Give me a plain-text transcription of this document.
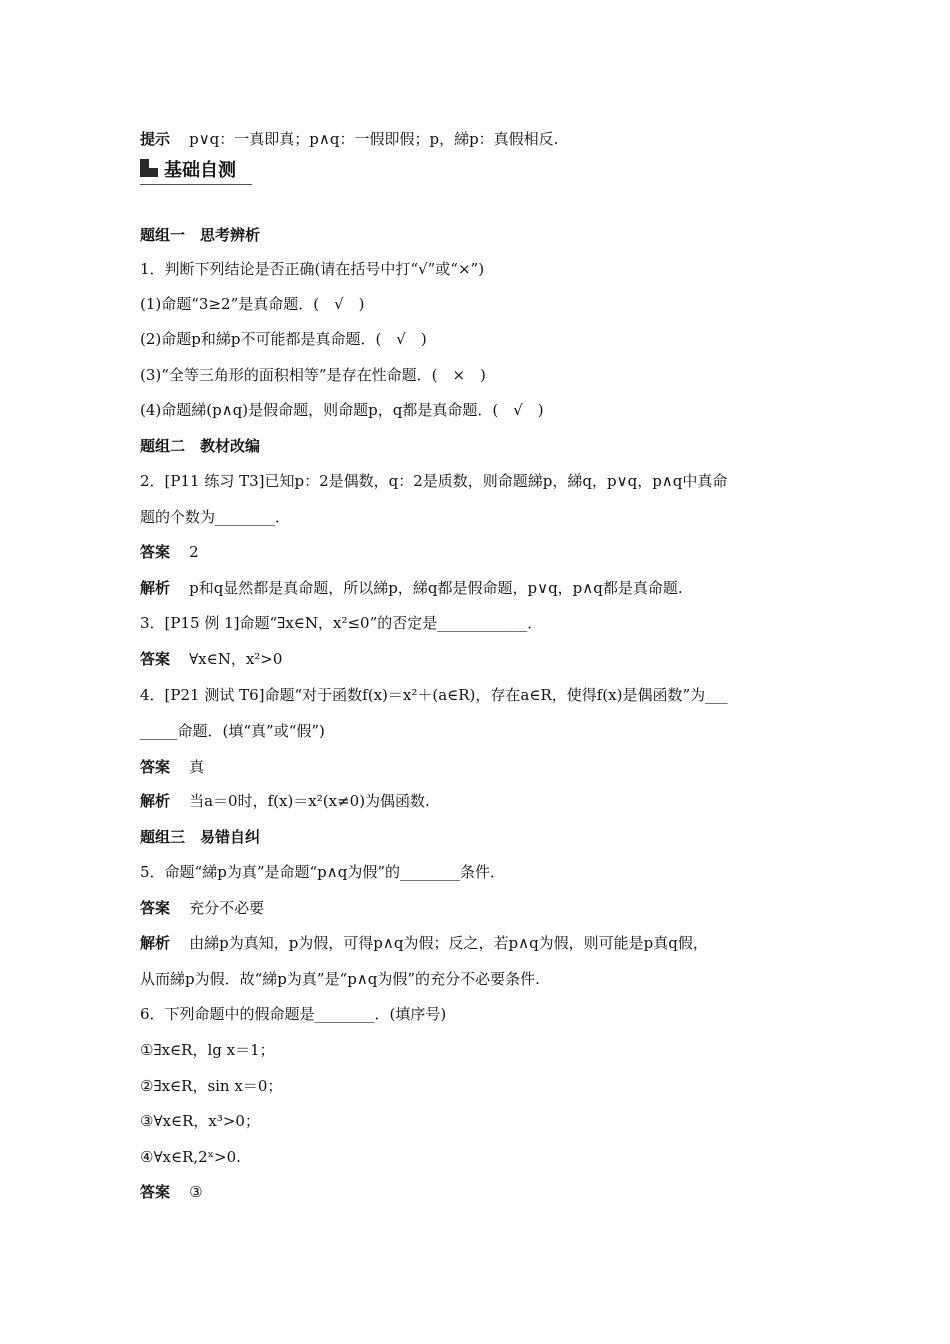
提示 p∨q：一真即真；p∧q：一假即假；p，綈p：真假相反.
基础自测
题组一　思考辨析
1．判断下列结论是否正确(请在括号中打“√”或“×”)
(1)命题“3≥2”是真命题．(　√　)
(2)命题p和綈p不可能都是真命题．(　√　)
(3)“全等三角形的面积相等”是存在性命题．(　×　)
(4)命题綈(p∧q)是假命题，则命题p，q都是真命题．(　√　)
题组二　教材改编
2．[P11 练习 T3]已知p：2是偶数，q：2是质数，则命题綈p，綈q，p∨q，p∧q中真命
题的个数为________．
答案 2
解析 p和q显然都是真命题，所以綈p，綈q都是假命题，p∨q，p∧q都是真命题.
3．[P15 例 1]命题“∃x∈N，x²≤0”的否定是____________．
答案 ∀x∈N，x²>0
4．[P21 测试 T6]命题“对于函数f(x)＝x²＋(a∈R)，存在a∈R，使得f(x)是偶函数”为___
_____命题．(填“真”或“假”)
答案 真
解析 当a＝0时，f(x)＝x²(x≠0)为偶函数.
题组三　易错自纠
5．命题“綈p为真”是命题“p∧q为假”的________条件．
答案 充分不必要
解析 由綈p为真知，p为假，可得p∧q为假；反之，若p∧q为假，则可能是p真q假，
从而綈p为假．故“綈p为真”是“p∧q为假”的充分不必要条件.
6．下列命题中的假命题是________．(填序号)
①∃x∈R，lg x＝1；
②∃x∈R，sin x＝0；
③∀x∈R，x³>0；
④∀x∈R,2ˣ>0.
答案 ③
